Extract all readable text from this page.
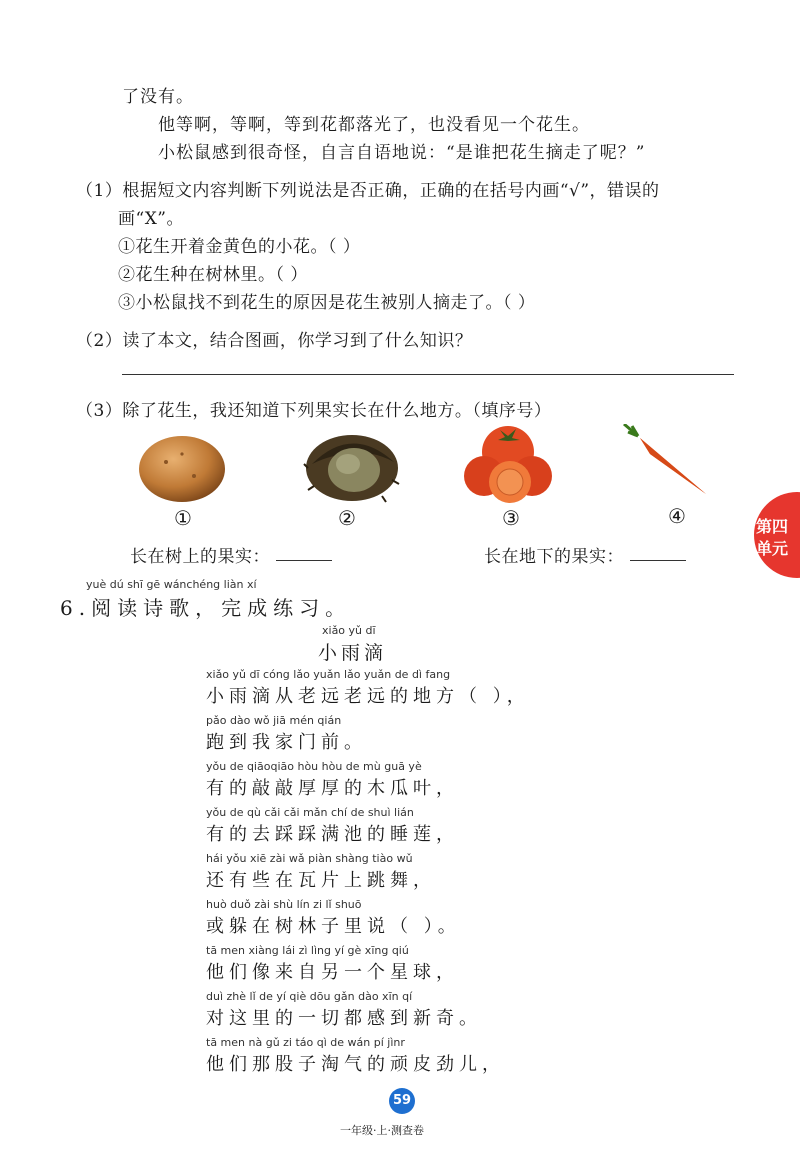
了没有。
他等啊，等啊，等到花都落光了，也没看见一个花生。
小松鼠感到很奇怪，自言自语地说：“是谁把花生摘走了呢？”
（1）根据短文内容判断下列说法是否正确，正确的在括号内画“√”，错误的
画“X”。
①花生开着金黄色的小花。（ ）
②花生种在树林里。（ ）
③小松鼠找不到花生的原因是花生被别人摘走了。（ ）
（2）读了本文，结合图画，你学习到了什么知识？
（3）除了花生，我还知道下列果实长在什么地方。（填序号）
①	②	③	④
长在树上的果实：	长在地下的果实：
第四
单元
yuè dú shī gē wánchéng liàn xí
6.阅读诗歌，完成练习。
xiǎo yǔ dī
小雨滴
xiǎo yǔ dī cóng lǎo yuǎn lǎo yuǎn de dì fang
小雨滴从老远老远的地方（ ），
pǎo dào wǒ jiā mén qián
跑到我家门前。
yǒu de qiāoqiāo hòu hòu de mù guā yè
有的敲敲厚厚的木瓜叶，
yǒu de qù cǎi cǎi mǎn chí de shuì lián
有的去踩踩满池的睡莲，
hái yǒu xiē zài wǎ piàn shàng tiào wǔ
还有些在瓦片上跳舞，
huò duǒ zài shù lín zi lǐ shuō
或躲在树林子里说（ ）。
tā men xiàng lái zì lìng yí gè xīng qiú
他们像来自另一个星球，
duì zhè lǐ de yí qiè dōu gǎn dào xīn qí
对这里的一切都感到新奇。
tā men nà gǔ zi táo qì de wán pí jìnr
他们那股子淘气的顽皮劲儿，
59
一年级·上·测查卷
